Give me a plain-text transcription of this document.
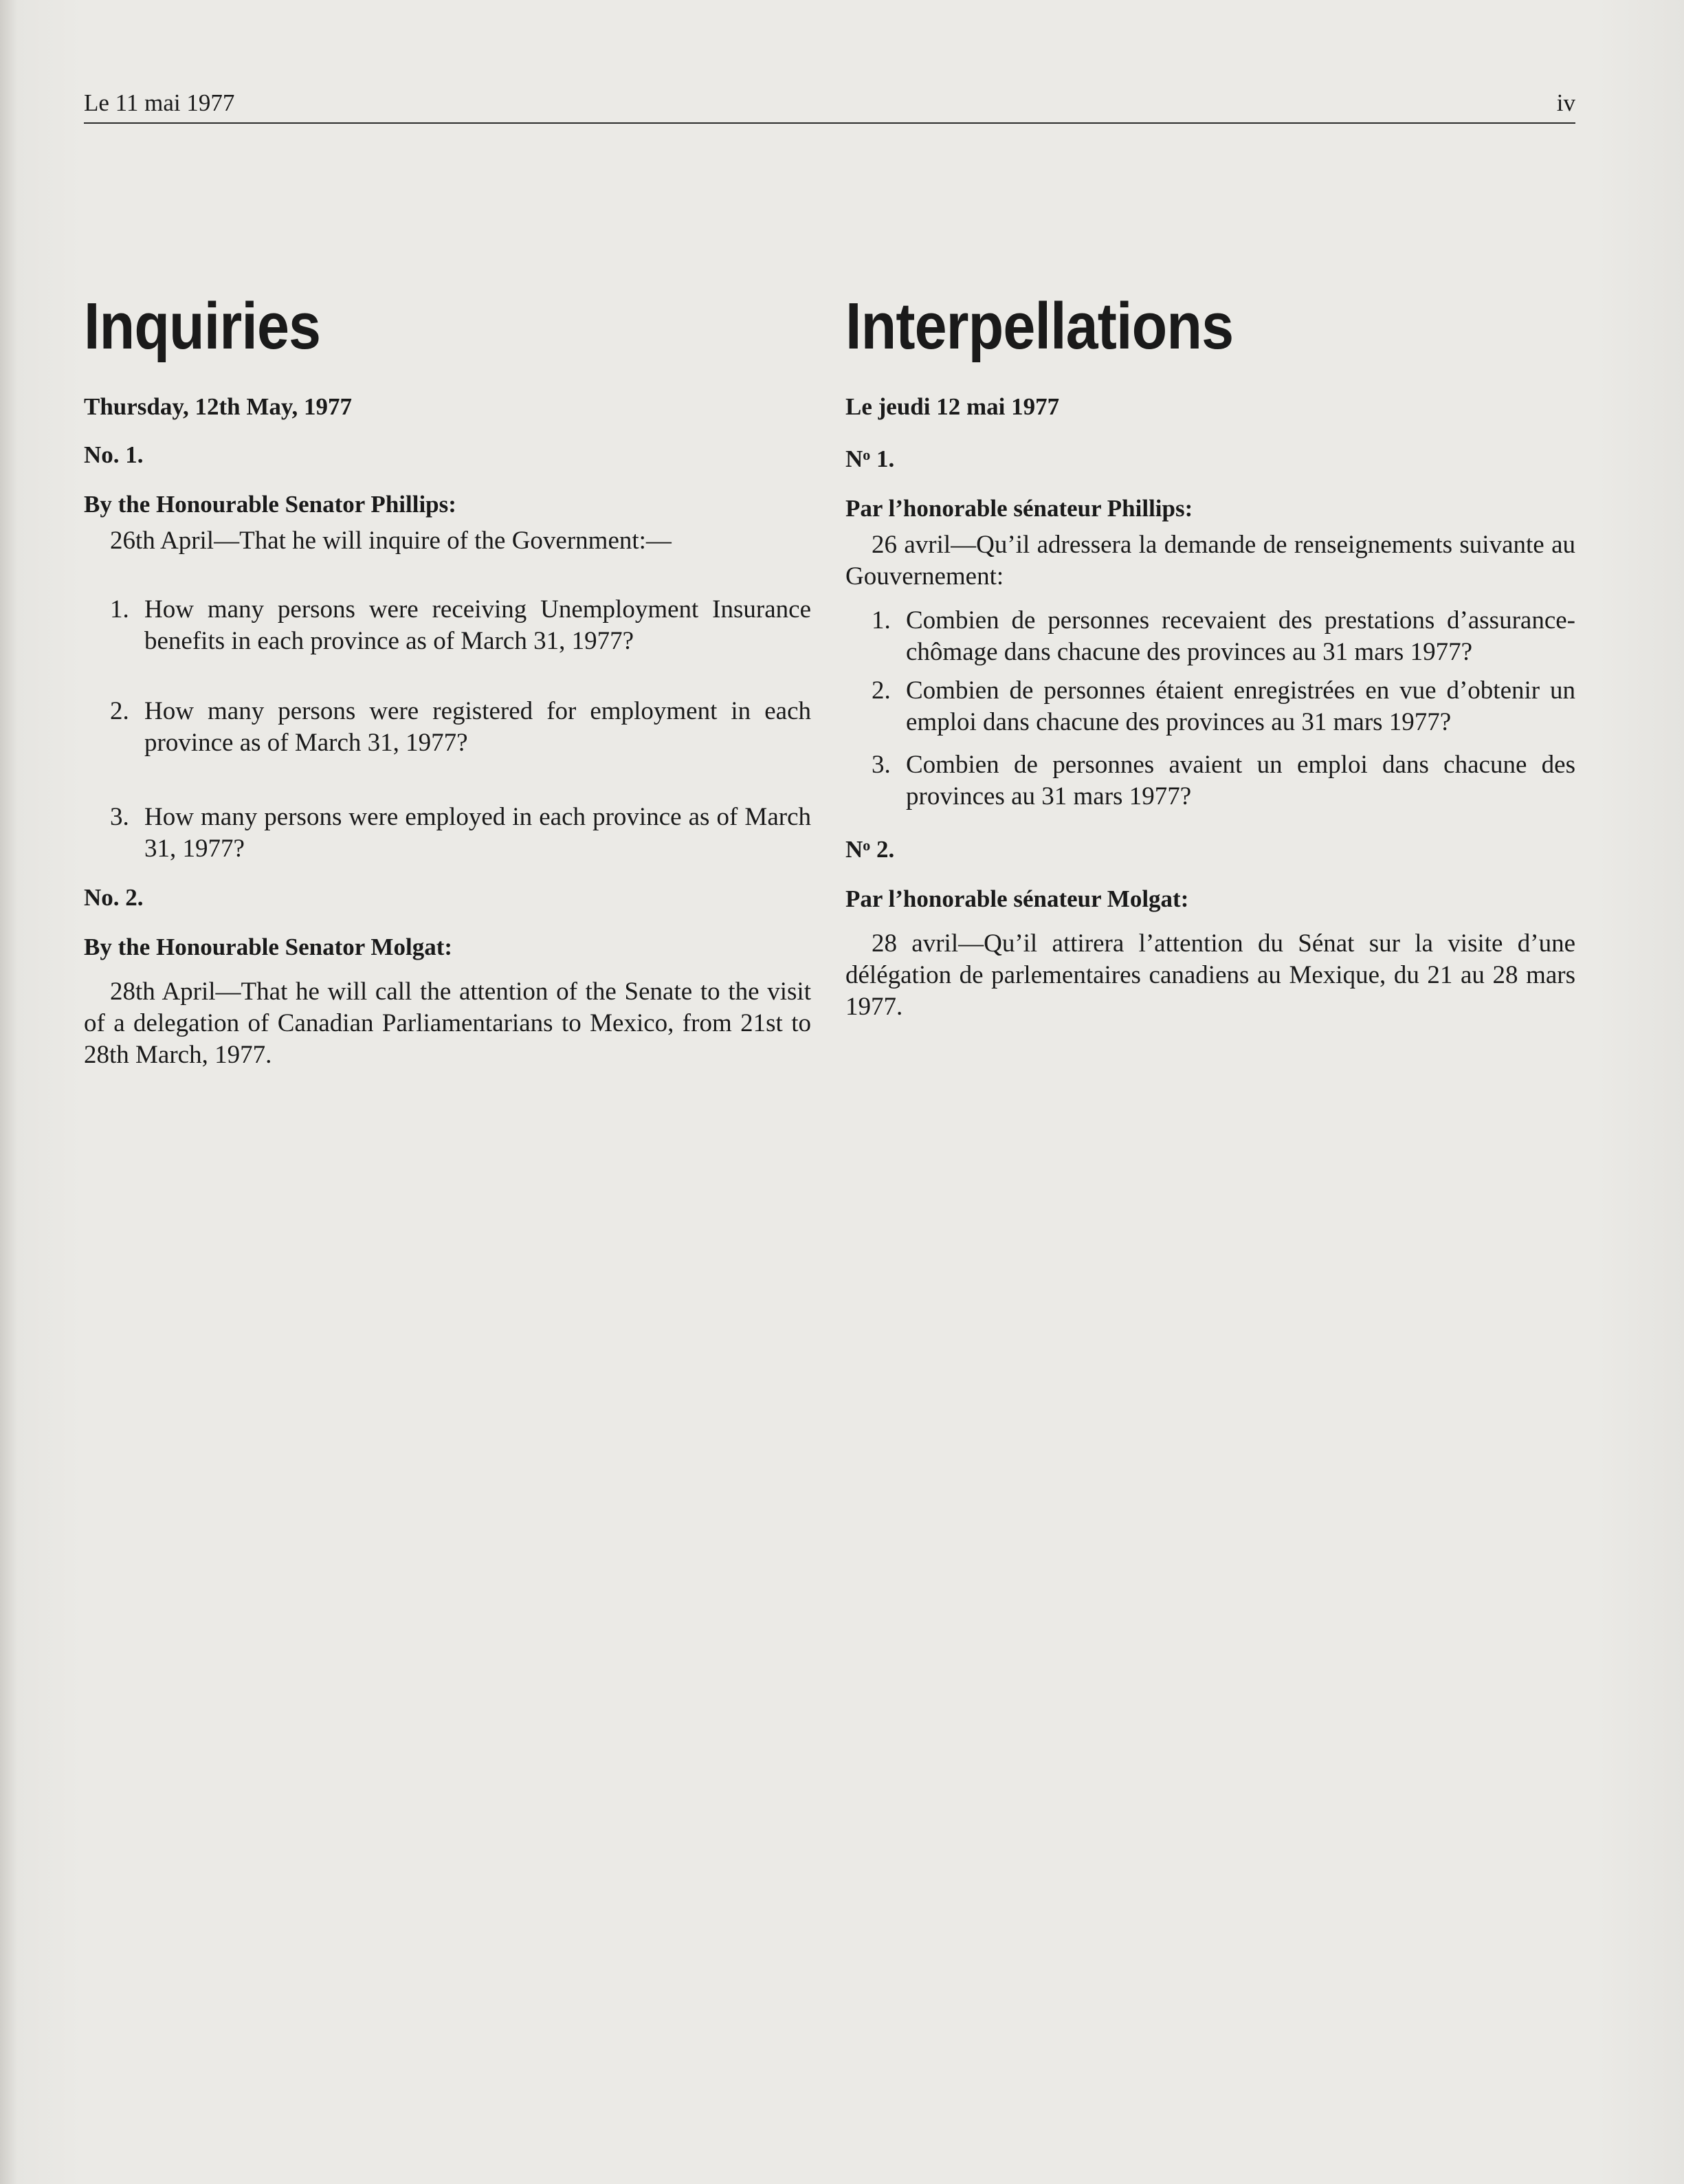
Le 11 mai 1977	iv
Inquiries

Thursday, 12th May, 1977

No. 1.

By the Honourable Senator Phillips:

26th April—That he will inquire of the Government:—

1. How many persons were receiving Unemployment Insurance benefits in each province as of March 31, 1977?
2. How many persons were registered for employment in each province as of March 31, 1977?
3. How many persons were employed in each province as of March 31, 1977?

No. 2.

By the Honourable Senator Molgat:

28th April—That he will call the attention of the Senate to the visit of a delegation of Canadian Parliamentarians to Mexico, from 21st to 28th March, 1977.

Interpellations

Le jeudi 12 mai 1977

$N^o$ 1.

Par l’honorable sénateur Phillips:

26 avril—Qu’il adressera la demande de renseignements suivante au Gouvernement:

1. Combien de personnes recevaient des prestations d’assurance-chômage dans chacune des provinces au 31 mars 1977?
2. Combien de personnes étaient enregistrées en vue d’obtenir un emploi dans chacune des provinces au 31 mars 1977?
3. Combien de personnes avaient un emploi dans chacune des provinces au 31 mars 1977?

$N^o$ 2.

Par l’honorable sénateur Molgat:

28 avril—Qu’il attirera l’attention du Sénat sur la visite d’une délégation de parlementaires canadiens au Mexique, du 21 au 28 mars 1977.
